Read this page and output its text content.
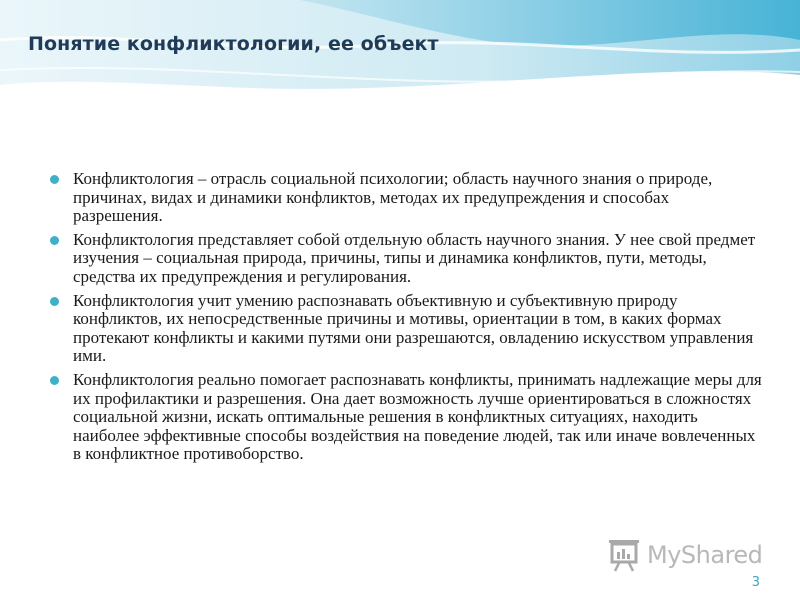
Понятие конфликтологии, ее объект
Конфликтология – отрасль социальной психологии; область научного знания о природе, причинах, видах и динамики конфликтов, методах их предупреждения и способах разрешения.
Конфликтология представляет собой отдельную область научного знания. У нее свой предмет изучения – социальная природа, причины, типы и динамика конфликтов, пути, методы, средства их предупреждения и регулирования.
Конфликтология учит умению распознавать объективную и субъективную природу конфликтов, их непосредственные причины и мотивы, ориентации в том, в каких формах протекают конфликты и какими путями они разрешаются, овладению искусством управления ими.
Конфликтология реально помогает распознавать конфликты, принимать надлежащие меры для их профилактики и разрешения. Она дает возможность лучше ориентироваться в сложностях социальной жизни, искать оптимальные решения в конфликтных ситуациях, находить наиболее эффективные способы воздействия на поведение людей, так или иначе вовлеченных в конфликтное противоборство.
MyShared
3
